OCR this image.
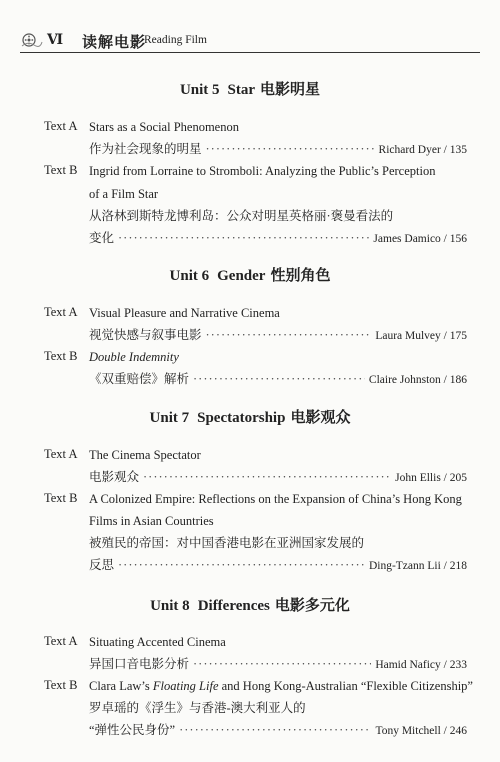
Ⅵ 读解电影
Reading Film
Unit 5 Star 电影明星
Text A Stars as a Social Phenomenon
作为社会现象的明星 ·····	Richard Dyer / 135
Text B Ingrid from Lorraine to Stromboli: Analyzing the Public’s Perception
of a Film Star
从洛林到斯特龙博利岛：公众对明星英格丽·褒曼看法的
变化 ·····	James Damico / 156
Unit 6 Gender 性别角色
Text A Visual Pleasure and Narrative Cinema
视觉快感与叙事电影 ·····	Laura Mulvey / 175
Text B Double Indemnity
《双重赔偿》解析 ·····	Claire Johnston / 186
Unit 7 Spectatorship 电影观众
Text A The Cinema Spectator
电影观众 ·····	John Ellis / 205
Text B A Colonized Empire: Reflections on the Expansion of China’s Hong Kong
Films in Asian Countries
被殖民的帝国：对中国香港电影在亚洲国家发展的
反思 ·····	Ding-Tzann Lii / 218
Unit 8 Differences 电影多元化
Text A Situating Accented Cinema
异国口音电影分析 ·····	Hamid Naficy / 233
Text B Clara Law’s Floating Life and Hong Kong-Australian “Flexible Citizenship”
罗卓瑶的《浮生》与香港-澳大利亚人的
“弹性公民身份” ·····	Tony Mitchell / 246
